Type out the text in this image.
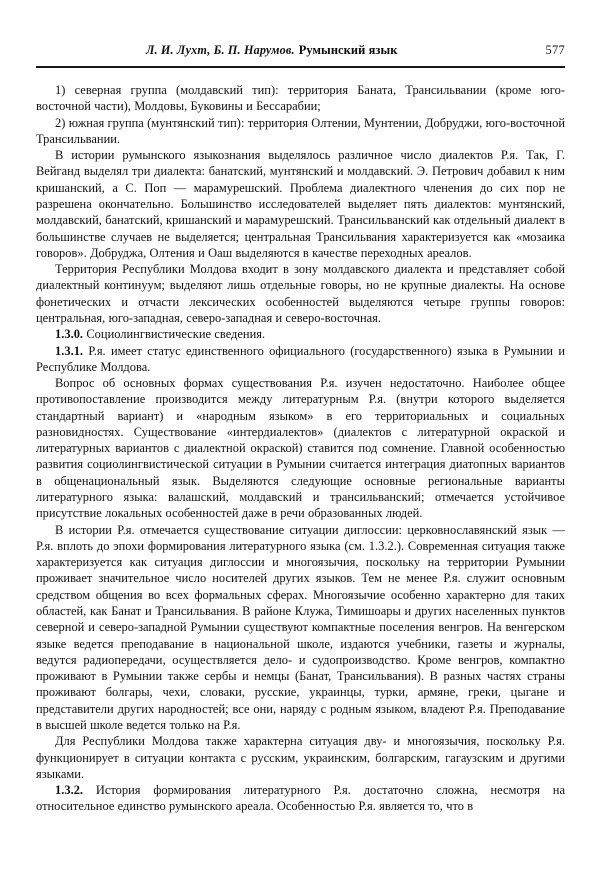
Л. И. Лухт, Б. П. Нарумов. Румынский язык	577

1) северная группа (молдавский тип): территория Баната, Трансильвании (кроме юго-восточной части), Молдовы, Буковины и Бессарабии;

2) южная группа (мунтянский тип): территория Олтении, Мунтении, Добруджи, юго-восточной Трансильвании.

В истории румынского языкознания выделялось различное число диалектов Р.я. Так, Г. Вейганд выделял три диалекта: банатский, мунтянский и молдавский. Э. Петрович добавил к ним кришанский, а С. Поп — марамурешский. Проблема диалектного членения до сих пор не разрешена окончательно. Большинство исследователей выделяет пять диалектов: мунтянский, молдавский, банатский, кришанский и марамурешский. Трансильванский как отдельный диалект в большинстве случаев не выделяется; центральная Трансильвания характеризуется как «мозаика говоров». Добруджа, Олтения и Оаш выделяются в качестве переходных ареалов.

Территория Республики Молдова входит в зону молдавского диалекта и представляет собой диалектный континуум; выделяют лишь отдельные говоры, но не крупные диалекты. На основе фонетических и отчасти лексических особенностей выделяются четыре группы говоров: центральная, юго-западная, северо-западная и северо-восточная.

1.3.0. Социолингвистические сведения.

1.3.1. Р.я. имеет статус единственного официального (государственного) языка в Румынии и Республике Молдова.

Вопрос об основных формах существования Р.я. изучен недостаточно. Наиболее общее противопоставление производится между литературным Р.я. (внутри которого выделяется стандартный вариант) и «народным языком» в его территориальных и социальных разновидностях. Существование «интердиалектов» (диалектов с литературной окраской и литературных вариантов с диалектной окраской) ставится под сомнение. Главной особенностью развития социолингвистической ситуации в Румынии считается интеграция диатопных вариантов в общенациональный язык. Выделяются следующие основные региональные варианты литературного языка: валашский, молдавский и трансильванский; отмечается устойчивое присутствие локальных особенностей даже в речи образованных людей.

В истории Р.я. отмечается существование ситуации диглоссии: церковнославянский язык — Р.я. вплоть до эпохи формирования литературного языка (см. 1.3.2.). Современная ситуация также характеризуется как ситуация диглоссии и многоязычия, поскольку на территории Румынии проживает значительное число носителей других языков. Тем не менее Р.я. служит основным средством общения во всех формальных сферах. Многоязычие особенно характерно для таких областей, как Банат и Трансильвания. В районе Клужа, Тимишоары и других населенных пунктов северной и северо-западной Румынии существуют компактные поселения венгров. На венгерском языке ведется преподавание в национальной школе, издаются учебники, газеты и журналы, ведутся радиопередачи, осуществляется дело- и судопроизводство. Кроме венгров, компактно проживают в Румынии также сербы и немцы (Банат, Трансильвания). В разных частях страны проживают болгары, чехи, словаки, русские, украинцы, турки, армяне, греки, цыгане и представители других народностей; все они, наряду с родным языком, владеют Р.я. Преподавание в высшей школе ведется только на Р.я.

Для Республики Молдова также характерна ситуация дву- и многоязычия, поскольку Р.я. функционирует в ситуации контакта с русским, украинским, болгарским, гагаузским и другими языками.

1.3.2. История формирования литературного Р.я. достаточно сложна, несмотря на относительное единство румынского ареала. Особенностью Р.я. является то, что в
